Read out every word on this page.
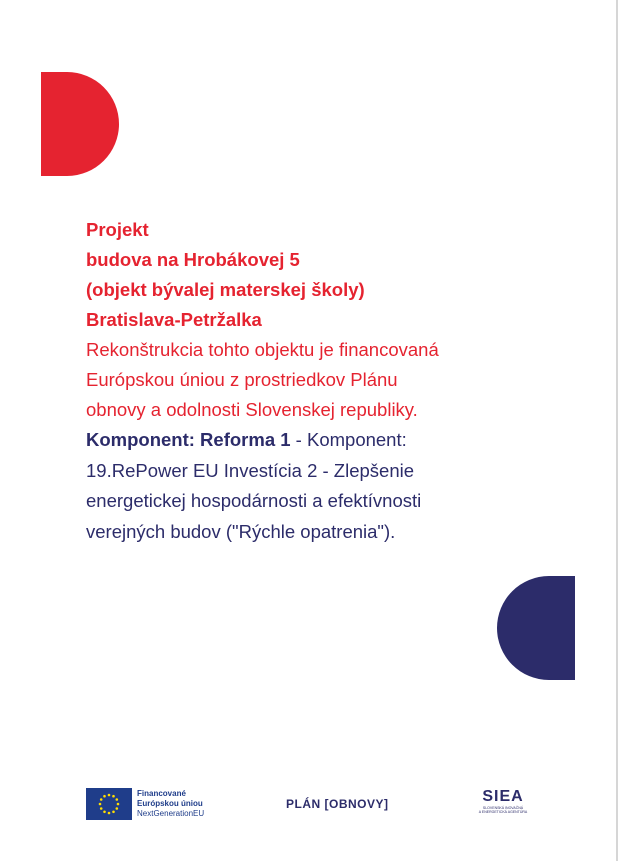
Projekt

budova na Hrobákovej 5

(objekt bývalej materskej školy)

Bratislava-Petržalka

Rekonštrukcia tohto objektu je financovaná

Európskou úniou z prostriedkov Plánu

obnovy a odolnosti Slovenskej republiky.

Komponent: Reforma 1 - Komponent:

19.RePower EU Investícia 2 - Zlepšenie

energetickej hospodárnosti a efektívnosti

verejných budov ("Rýchle opatrenia").

Financované
Európskou úniou
NextGenerationEU
PLÁN [OBNOVY]	SIEA
SLOVENSKÁ INOVAČNÁ
A ENERGETICKÁ AGENTÚRA
